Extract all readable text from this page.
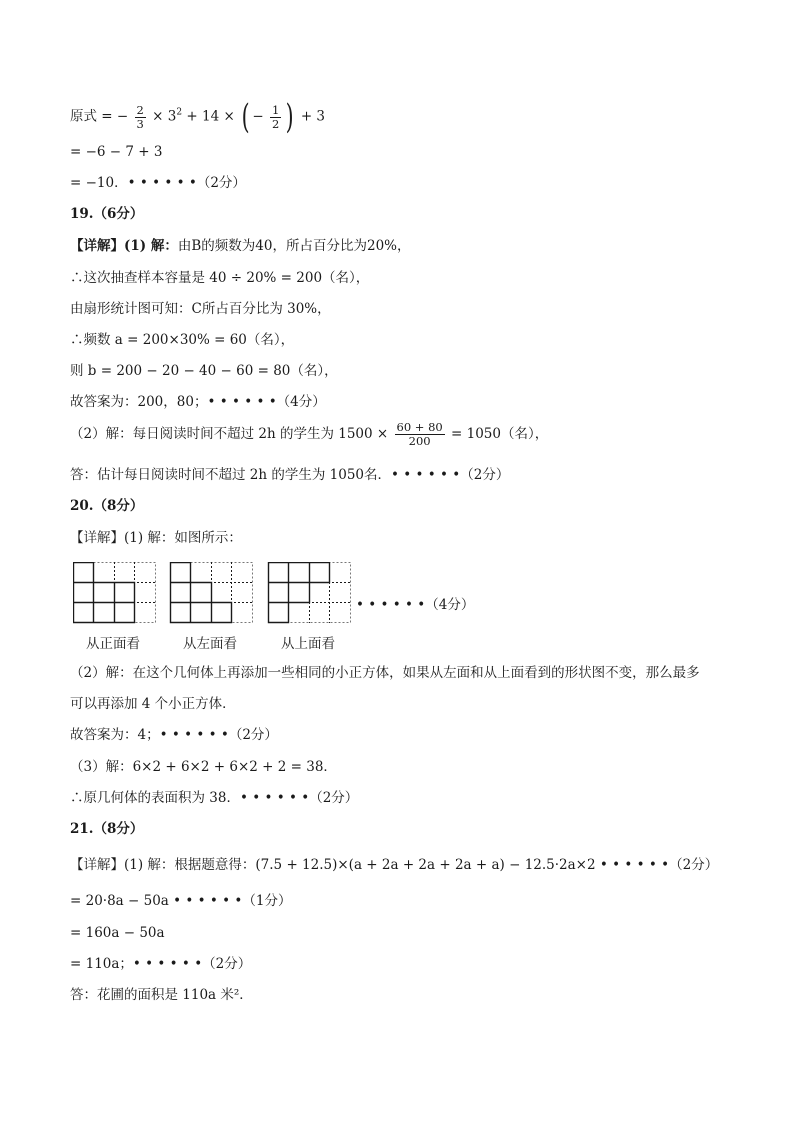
原式 = − $\frac{2}{3} \times 3^2 + 14$ × ( − $\frac{1}{2}$ ) + 3
= −6 − 7 + 3
= −10．• • • • • •（2分）
19.（6分）
【详解】(1) 解：由B的频数为40，所占百分比为20%，
∴这次抽查样本容量是 40 ÷ 20% = 200（名），
由扇形统计图可知：C所占百分比为 30%，
∴频数 a = 200×30% = 60（名），
则 b = 200 − 20 − 40 − 60 = 80（名），
故答案为：200，80；• • • • • •（4分）
（2）解：每日阅读时间不超过 2h 的学生为 $1500 \times \frac{60 + 80}{200} = 1050$（名），
答：估计每日阅读时间不超过 2h 的学生为 1050名．• • • • • •（2分）
20.（8分）
【详解】(1) 解：如图所示：
• • • • • •（4分）
从正面看	从左面看	从上面看
（2）解：在这个几何体上再添加一些相同的小正方体，如果从左面和从上面看到的形状图不变，那么最多
可以再添加 4 个小正方体．
故答案为：4；• • • • • •（2分）
（3）解：6×2 + 6×2 + 6×2 + 2 = 38．
∴原几何体的表面积为 38．• • • • • •（2分）
21.（8分）
【详解】(1) 解：根据题意得：(7.5 + 12.5)×(a + 2a + 2a + 2a + a) − 12.5·2a×2 • • • • • •（2分）
= 20·8a − 50a • • • • • •（1分）
= 160a − 50a
= 110a；• • • • • •（2分）
答：花圃的面积是 110a 米²．
